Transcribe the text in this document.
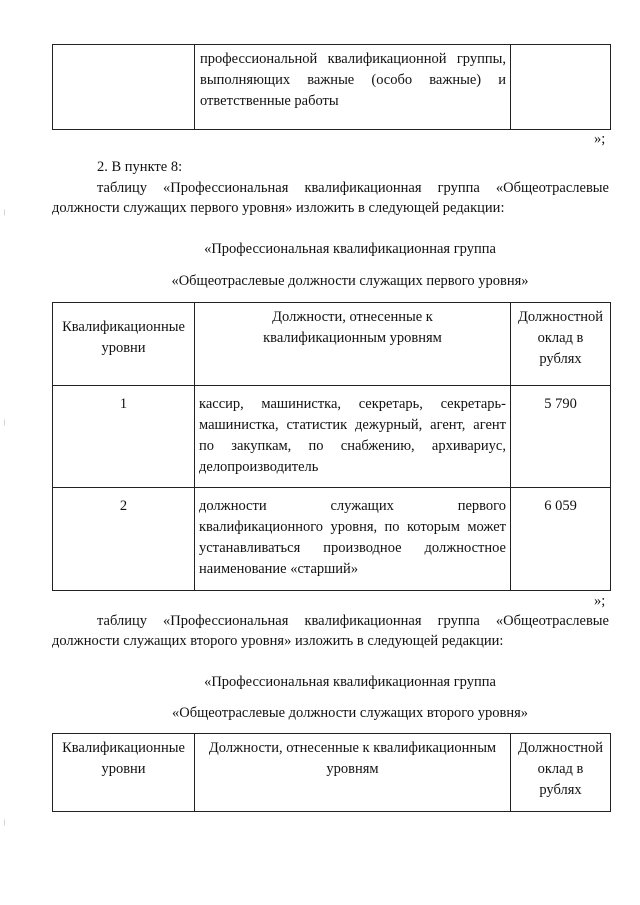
профессиональной квалификационной группы,
выполняющих важные (особо важные) и
ответственные работы

»;
2. В пункте 8:
таблицу «Профессиональная квалификационная группа «Общеотраслевые
должности служащих первого уровня» изложить в следующей редакции:
«Профессиональная квалификационная группа
«Общеотраслевые должности служащих первого уровня»
Квалификационные уровни	Должности, отнесенные к квалификационным уровням	Должностной оклад в рублях
1	кассир, машинистка, секретарь, секретарь-
машинистка, статистик дежурный, агент, агент
по закупкам, по снабжению, архивариус,
делопроизводитель	5 790
2	должности служащих первого
квалификационного уровня, по которым может
устанавливаться производное должностное
наименование «старший»	6 059
»;
таблицу «Профессиональная квалификационная группа «Общеотраслевые
должности служащих второго уровня» изложить в следующей редакции:
«Профессиональная квалификационная группа
«Общеотраслевые должности служащих второго уровня»
Квалификационные уровни	Должности, отнесенные к квалификационным уровням	Должностной оклад в рублях
|
|
|
